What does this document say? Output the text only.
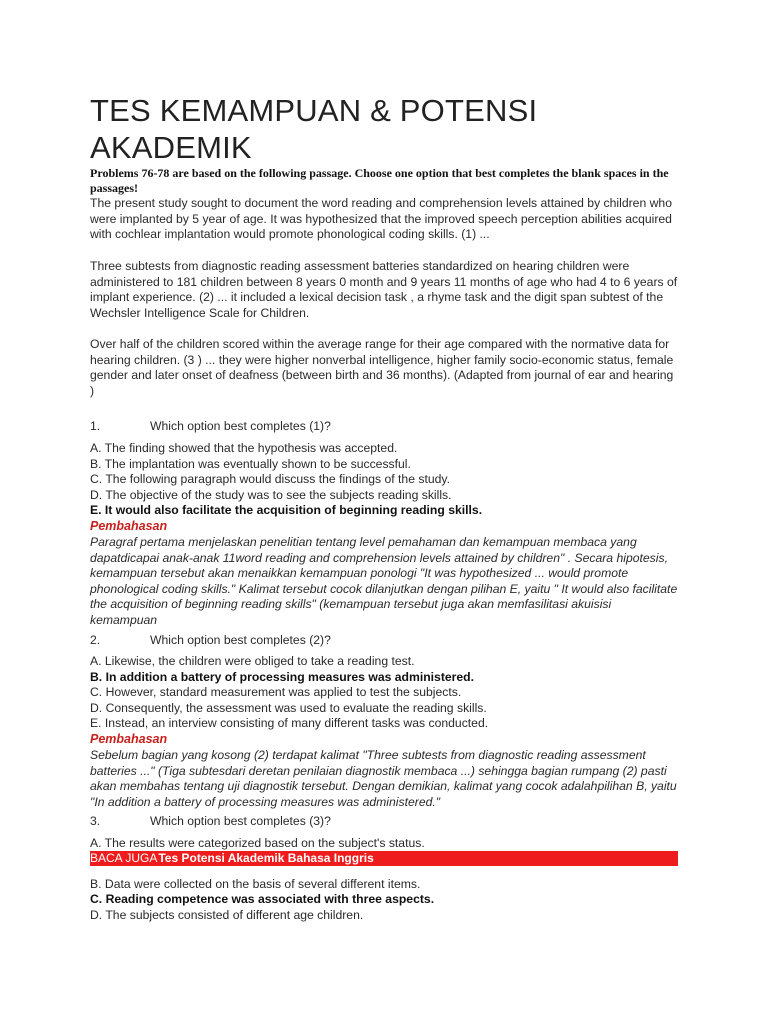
TES KEMAMPUAN & POTENSI AKADEMIK
Problems 76-78 are based on the following passage. Choose one option that best completes the blank spaces in the passages!
The present study sought to document the word reading and comprehension levels attained by children who were implanted by 5 year of age. It was hypothesized that the improved speech perception abilities acquired with cochlear implantation would promote phonological coding skills. (1) ...
Three subtests from diagnostic reading assessment batteries standardized on hearing children were administered to 181 children between 8 years 0 month and 9 years 11 months of age who had 4 to 6 years of implant experience. (2) ... it included a lexical decision task , a rhyme task and the digit span subtest of the Wechsler Intelligence Scale for Children.
Over half of the children scored within the average range for their age compared with the normative data for hearing children. (3 ) ... they were higher nonverbal intelligence, higher family socio-economic status, female gender and later onset of deafness (between birth and 36 months). (Adapted from journal of ear and hearing )
1.	Which option best completes (1)?
A. The finding showed that the hypothesis was accepted.
B. The implantation was eventually shown to be successful.
C. The following paragraph would discuss the findings of the study.
D. The objective of the study was to see the subjects reading skills.
E. It would also facilitate the acquisition of beginning reading skills.
Pembahasan
Paragraf pertama menjelaskan penelitian tentang level pemahaman dan kemampuan membaca yang dapatdicapai anak-anak 11word reading and comprehension levels attained by children" . Secara hipotesis, kemampuan tersebut akan menaikkan kemampuan ponologi "It was hypothesized ... would promote phonological coding skills." Kalimat tersebut cocok dilanjutkan dengan pilihan E, yaitu " It would also facilitate the acquisition of beginning reading skills" (kemampuan tersebut juga akan memfasilitasi akuisisi kemampuan
2.	Which option best completes (2)?
A. Likewise, the children were obliged to take a reading test.
B. In addition a battery of processing measures was administered.
C. However, standard measurement was applied to test the subjects.
D. Consequently, the assessment was used to evaluate the reading skills.
E. Instead, an interview consisting of many different tasks was conducted.
Pembahasan
Sebelum bagian yang kosong (2) terdapat kalimat "Three subtests from diagnostic reading assessment batteries ..." (Tiga subtesdari deretan penilaian diagnostik membaca ...) sehingga bagian rumpang (2) pasti akan membahas tentang uji diagnostik tersebut. Dengan demikian, kalimat yang cocok adalahpilihan B, yaitu "In addition a battery of processing measures was administered."
3.	Which option best completes (3)?
A. The results were categorized based on the subject's status.
BACA JUGATes Potensi Akademik Bahasa Inggris
B. Data were collected on the basis of several different items.
C. Reading competence was associated with three aspects.
D. The subjects consisted of different age children.
